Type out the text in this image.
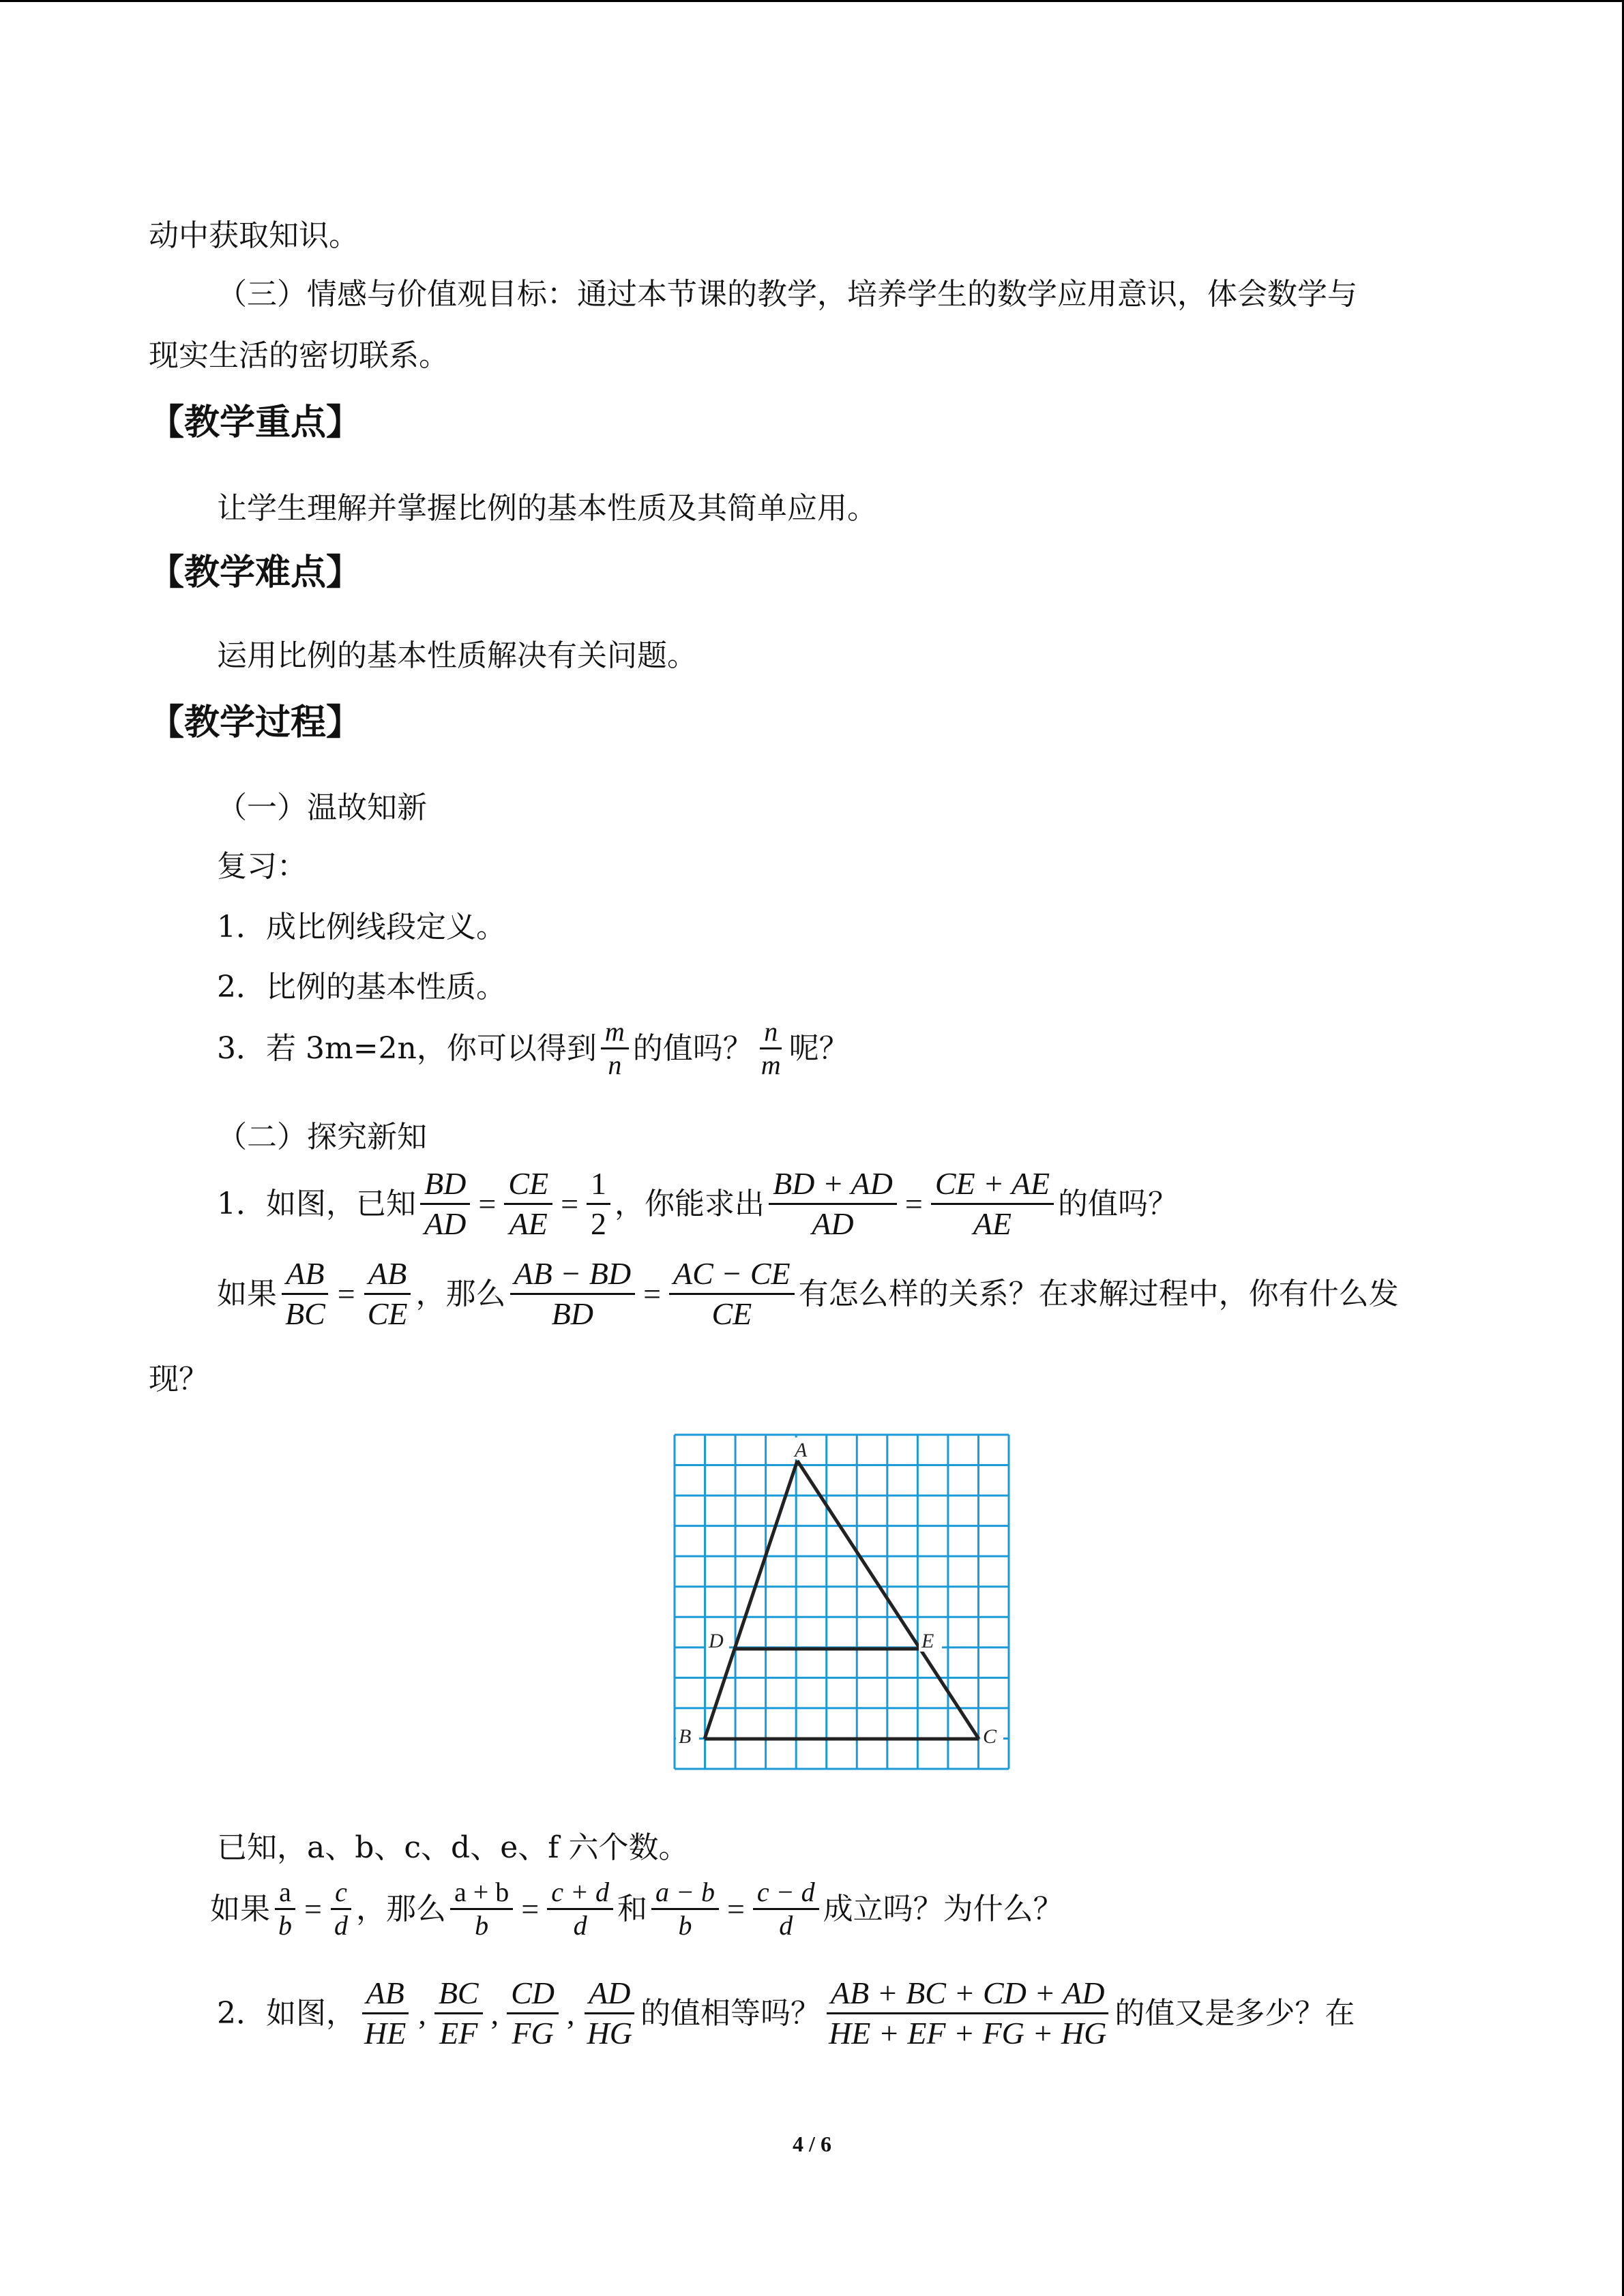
动中获取知识。
（三）情感与价值观目标：通过本节课的教学，培养学生的数学应用意识，体会数学与
现实生活的密切联系。
【教学重点】
让学生理解并掌握比例的基本性质及其简单应用。
【教学难点】
运用比例的基本性质解决有关问题。
【教学过程】
（一）温故知新
复习：
1．成比例线段定义。
2．比例的基本性质。
3．若 3m=2n，你可以得到 $\frac{m}{n}$ 的值吗？ $\frac{n}{m}$ 呢？
（二）探究新知
1．如图，已知 $\frac{BD}{AD} = \frac{CE}{AE} = \frac{1}{2}$ ，你能求出 $\frac{BD + AD}{AD} = \frac{CE + AE}{AE}$ 的值吗？
如果 $\frac{AB}{BC} = \frac{AB}{CE}$ ，那么 $\frac{AB - BD}{BD} = \frac{AC - CE}{CE}$ 有怎么样的关系？在求解过程中，你有什么发
现？
A
B	C
D	E
已知，a、b、c、d、e、f 六个数。
如果 $\frac{a}{b} = \frac{c}{d}$ ，那么 $\frac{a + b}{b} = \frac{c + d}{d}$ 和 $\frac{a - b}{b} = \frac{c - d}{d}$ 成立吗？为什么？
2．如图， $\frac{AB}{HE}$ , $\frac{BC}{EF}$ , $\frac{CD}{FG}$ , $\frac{AD}{HG}$ 的值相等吗？ $\frac{AB + BC + CD + AD}{HE + EF + FG + HG}$ 的值又是多少？在
4 / 6
